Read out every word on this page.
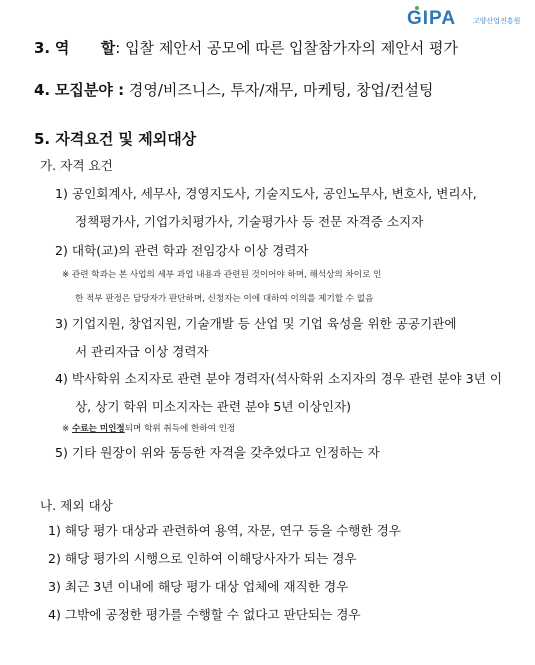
GIPA 고양산업진흥원
3. 역      할: 입찰 제안서 공모에 따른 입찰참가자의 제안서 평가
4. 모집분야 : 경영/비즈니스, 투자/재무, 마케팅, 창업/컨설팅
5. 자격요건 및 제외대상
가. 자격 요건
1) 공인회계사, 세무사, 경영지도사, 기술지도사, 공인노무사, 변호사, 변리사,
정책평가사, 기업가치평가사, 기술평가사 등 전문 자격증 소지자
2) 대학(교)의 관련 학과 전임강사 이상 경력자
※ 관련 학과는 본 사업의 세부 과업 내용과 관련된 것이어야 하며, 해석상의 차이로 인
한 적부 판정은 담당자가 판단하며, 신청자는 이에 대하여 이의를 제기할 수 없음
3) 기업지원, 창업지원, 기술개발 등 산업 및 기업 육성을 위한 공공기관에
서 관리자급 이상 경력자
4) 박사학위 소지자로 관련 분야 경력자(석사학위 소지자의 경우 관련 분야 3년 이
상, 상기 학위 미소지자는 관련 분야 5년 이상인자)
※ 수료는 미인정되며 학위 취득에 한하여 인정
5) 기타 원장이 위와 동등한 자격을 갖추었다고 인정하는 자
나. 제외 대상
1) 해당 평가 대상과 관련하여 용역, 자문, 연구 등을 수행한 경우
2) 해당 평가의 시행으로 인하여 이해당사자가 되는 경우
3) 최근 3년 이내에 해당 평가 대상 업체에 재직한 경우
4) 그밖에 공정한 평가를 수행할 수 없다고 판단되는 경우
